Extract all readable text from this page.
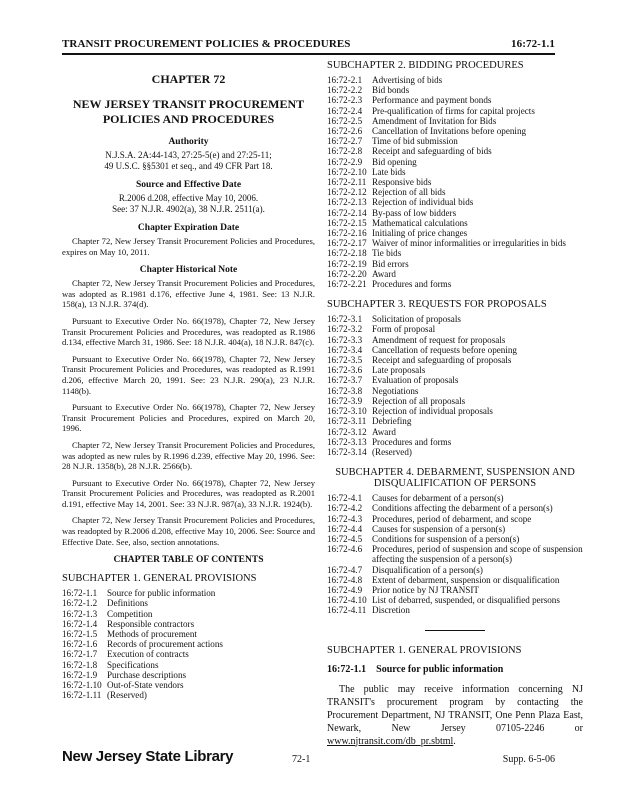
TRANSIT PROCUREMENT POLICIES & PROCEDURES	16:72-1.1
CHAPTER 72
NEW JERSEY TRANSIT PROCUREMENT POLICIES AND PROCEDURES
Authority
N.J.S.A. 2A:44-143, 27:25-5(e) and 27:25-11;
49 U.S.C. §§5301 et seq., and 49 CFR Part 18.
Source and Effective Date
R.2006 d.208, effective May 10, 2006.
See: 37 N.J.R. 4902(a), 38 N.J.R. 2511(a).
Chapter Expiration Date

Chapter 72, New Jersey Transit Procurement Policies and Procedures, expires on May 10, 2011.

Chapter Historical Note

Chapter 72, New Jersey Transit Procurement Policies and Procedures, was adopted as R.1981 d.176, effective June 4, 1981. See: 13 N.J.R. 158(a), 13 N.J.R. 374(d).

Pursuant to Executive Order No. 66(1978), Chapter 72, New Jersey Transit Procurement Policies and Procedures, was readopted as R.1986 d.134, effective March 31, 1986. See: 18 N.J.R. 404(a), 18 N.J.R. 847(c).

Pursuant to Executive Order No. 66(1978), Chapter 72, New Jersey Transit Procurement Policies and Procedures, was readopted as R.1991 d.206, effective March 20, 1991. See: 23 N.J.R. 290(a), 23 N.J.R. 1148(b).

Pursuant to Executive Order No. 66(1978), Chapter 72, New Jersey Transit Procurement Policies and Procedures, expired on March 20, 1996.

Chapter 72, New Jersey Transit Procurement Policies and Procedures, was adopted as new rules by R.1996 d.239, effective May 20, 1996. See: 28 N.J.R. 1358(b), 28 N.J.R. 2566(b).

Pursuant to Executive Order No. 66(1978), Chapter 72, New Jersey Transit Procurement Policies and Procedures, was readopted as R.2001 d.191, effective May 14, 2001. See: 33 N.J.R. 987(a), 33 N.J.R. 1924(b).

Chapter 72, New Jersey Transit Procurement Policies and Procedures, was readopted by R.2006 d.208, effective May 10, 2006. See: Source and Effective Date. See, also, section annotations.

CHAPTER TABLE OF CONTENTS
SUBCHAPTER 1. GENERAL PROVISIONS
16:72-1.1	Source for public information
16:72-1.2	Definitions
16:72-1.3	Competition
16:72-1.4	Responsible contractors
16:72-1.5	Methods of procurement
16:72-1.6	Records of procurement actions
16:72-1.7	Execution of contracts
16:72-1.8	Specifications
16:72-1.9	Purchase descriptions
16:72-1.10 Out-of-State vendors
16:72-1.11 (Reserved)
SUBCHAPTER 2. BIDDING PROCEDURES
16:72-2.1	Advertising of bids
16:72-2.2	Bid bonds
16:72-2.3	Performance and payment bonds
16:72-2.4	Pre-qualification of firms for capital projects
16:72-2.5	Amendment of Invitation for Bids
16:72-2.6	Cancellation of Invitations before opening
16:72-2.7	Time of bid submission
16:72-2.8	Receipt and safeguarding of bids
16:72-2.9	Bid opening
16:72-2.10 Late bids
16:72-2.11 Responsive bids
16:72-2.12 Rejection of all bids
16:72-2.13 Rejection of individual bids
16:72-2.14 By-pass of low bidders
16:72-2.15 Mathematical calculations
16:72-2.16 Initialing of price changes
16:72-2.17 Waiver of minor informalities or irregularities in bids
16:72-2.18 Tie bids
16:72-2.19 Bid errors
16:72-2.20 Award
16:72-2.21 Procedures and forms
SUBCHAPTER 3. REQUESTS FOR PROPOSALS
16:72-3.1	Solicitation of proposals
16:72-3.2	Form of proposal
16:72-3.3	Amendment of request for proposals
16:72-3.4	Cancellation of requests before opening
16:72-3.5	Receipt and safeguarding of proposals
16:72-3.6	Late proposals
16:72-3.7	Evaluation of proposals
16:72-3.8	Negotiations
16:72-3.9	Rejection of all proposals
16:72-3.10 Rejection of individual proposals
16:72-3.11 Debriefing
16:72-3.12 Award
16:72-3.13 Procedures and forms
16:72-3.14 (Reserved)
SUBCHAPTER 4. DEBARMENT, SUSPENSION AND
DISQUALIFICATION OF PERSONS
16:72-4.1	Causes for debarment of a person(s)
16:72-4.2	Conditions affecting the debarment of a person(s)
16:72-4.3	Procedures, period of debarment, and scope
16:72-4.4	Causes for suspension of a person(s)
16:72-4.5	Conditions for suspension of a person(s)
16:72-4.6	Procedures, period of suspension and scope of suspension affecting the suspension of a person(s)
16:72-4.7	Disqualification of a person(s)
16:72-4.8	Extent of debarment, suspension or disqualification
16:72-4.9	Prior notice by NJ TRANSIT
16:72-4.10 List of debarred, suspended, or disqualified persons
16:72-4.11 Discretion
SUBCHAPTER 1. GENERAL PROVISIONS
16:72-1.1 Source for public information
The public may receive information concerning NJ TRANSIT's procurement program by contacting the Procurement Department, NJ TRANSIT, One Penn Plaza East, Newark, New Jersey 07105-2246 or www.njtransit.com/db_pr.sbtml.
New Jersey State Library	72-1	Supp. 6-5-06
